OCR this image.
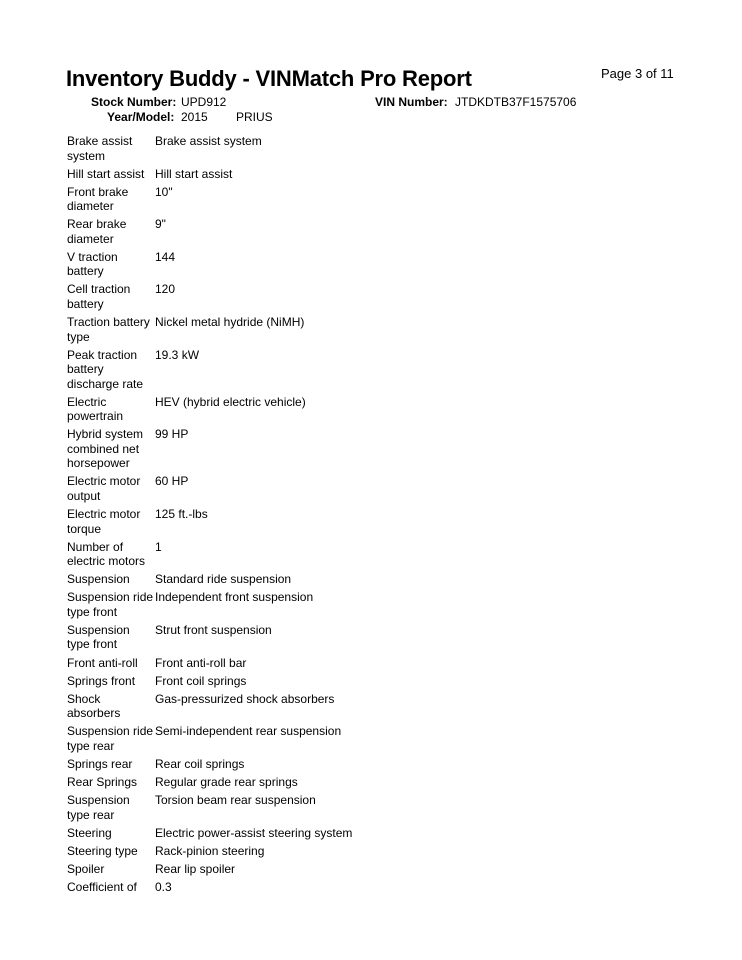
Page 3 of 11
Inventory Buddy - VINMatch Pro Report
Stock Number: UPD912
Year/Model: 2015 PRIUS
VIN Number: JTDKDTB37F1575706
Brake assist system	Brake assist system
Hill start assist	Hill start assist
Front brake diameter	10"
Rear brake diameter	9"
V traction battery	144
Cell traction battery	120
Traction battery type	Nickel metal hydride (NiMH)
Peak traction battery discharge rate	19.3 kW
Electric powertrain	HEV (hybrid electric vehicle)
Hybrid system combined net horsepower	99 HP
Electric motor output	60 HP
Electric motor torque	125 ft.-lbs
Number of electric motors	1
Suspension	Standard ride suspension
Suspension ride type front	Independent front suspension
Suspension type front	Strut front suspension
Front anti-roll	Front anti-roll bar
Springs front	Front coil springs
Shock absorbers	Gas-pressurized shock absorbers
Suspension ride type rear	Semi-independent rear suspension
Springs rear	Rear coil springs
Rear Springs	Regular grade rear springs
Suspension type rear	Torsion beam rear suspension
Steering	Electric power-assist steering system
Steering type	Rack-pinion steering
Spoiler	Rear lip spoiler
Coefficient of	0.3
